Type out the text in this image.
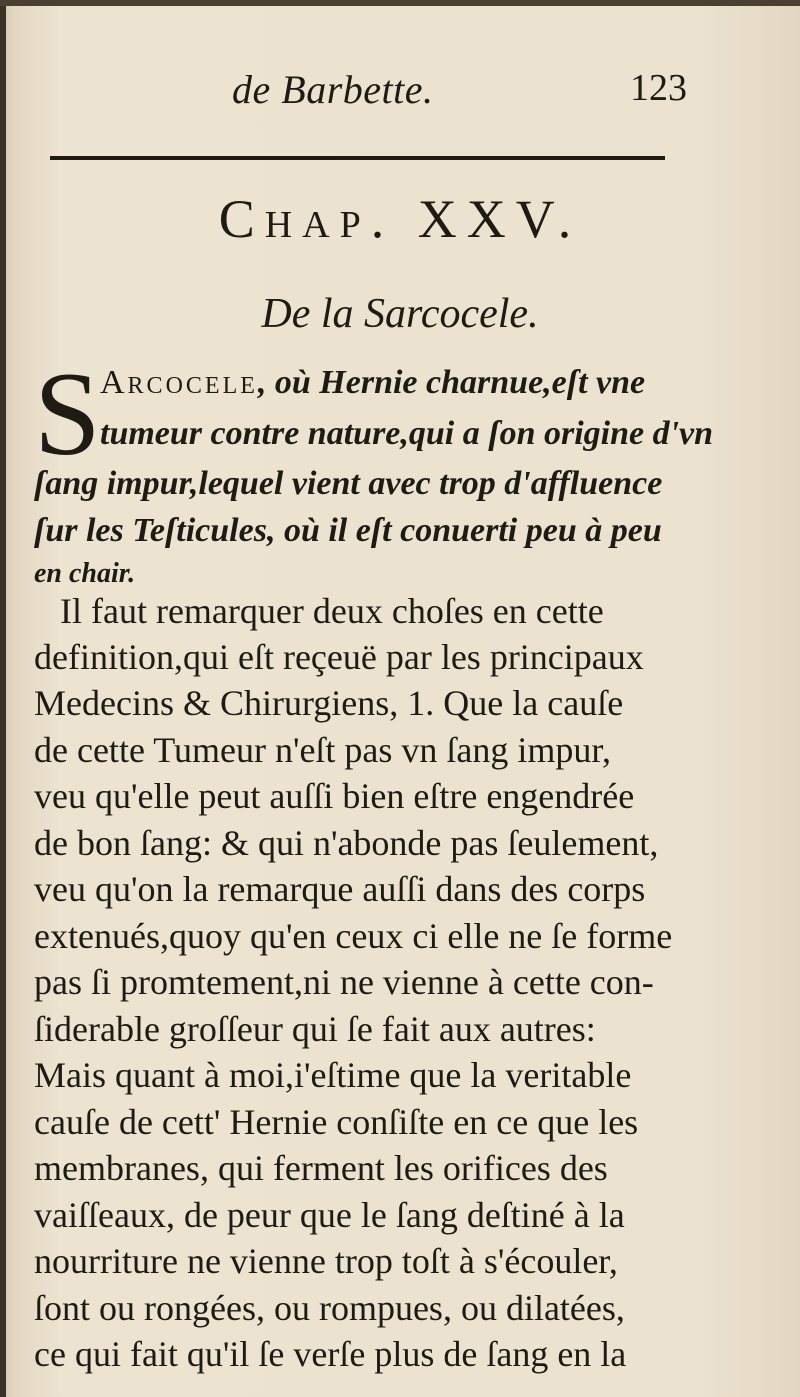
de Barbette.	123
Chap. XXV.
De la Sarcocele.
S Arcocele, où Hernie charnue,eſt vne
tumeur contre nature,qui a ſon origine d'vn
ſang impur,lequel vient avec trop d'affluence
ſur les Teſticules, où il eſt conuerti peu à peu
en chair.
Il faut remarquer deux choſes en cette
definition,qui eſt reçeuë par les principaux
Medecins & Chirurgiens, 1. Que la cauſe
de cette Tumeur n'eſt pas vn ſang impur,
veu qu'elle peut auſſi bien eſtre engendrée
de bon ſang: & qui n'abonde pas ſeulement,
veu qu'on la remarque auſſi dans des corps
extenués,quoy qu'en ceux ci elle ne ſe forme
pas ſi promtement,ni ne vienne à cette con-
ſiderable groſſeur qui ſe fait aux autres:
Mais quant à moi,i'eſtime que la veritable
cauſe de cett' Hernie conſiſte en ce que les
membranes, qui ferment les orifices des
vaiſſeaux, de peur que le ſang deſtiné à la
nourriture ne vienne trop toſt à s'écouler,
ſont ou rongées, ou rompues, ou dilatées,
ce qui fait qu'il ſe verſe plus de ſang en la
